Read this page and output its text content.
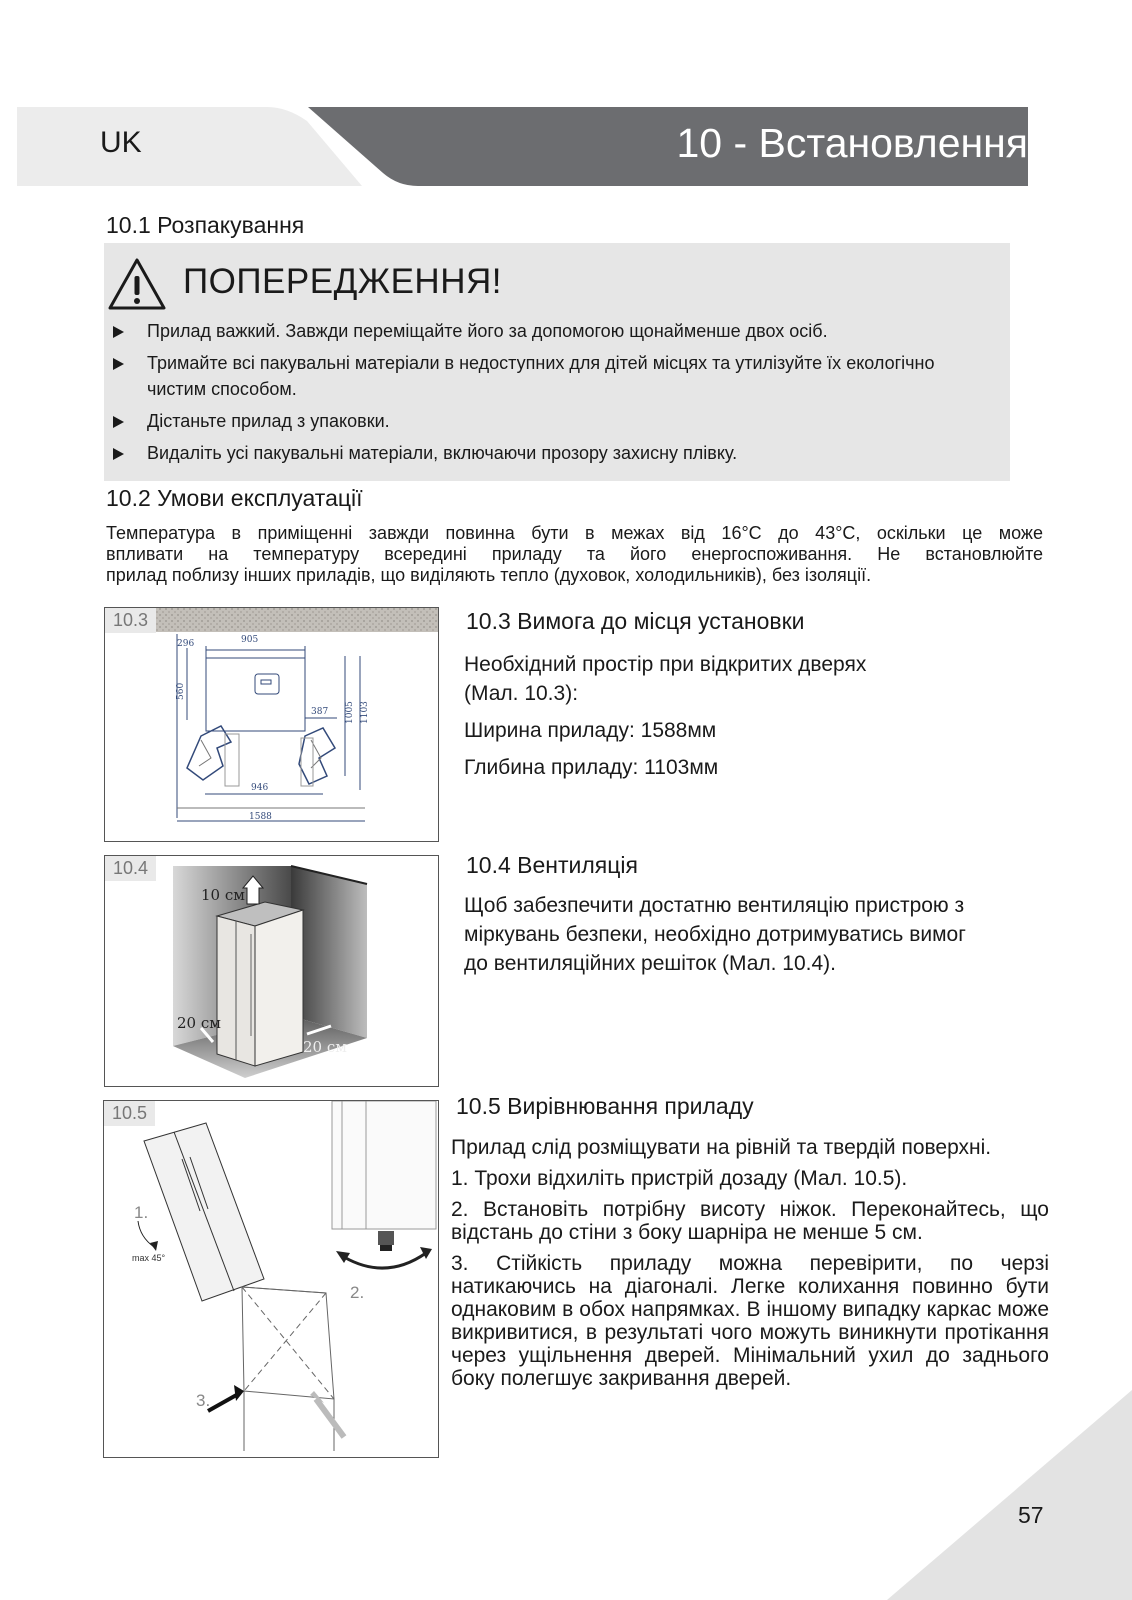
UK	10 - Встановлення
10.1 Розпакування
ПОПЕРЕДЖЕННЯ!
Прилад важкий. Завжди переміщайте його за допомогою щонайменше двох осіб.
Тримайте всі пакувальні матеріали в недоступних для дітей місцях та утилізуйте їх екологічно чистим способом.
Дістаньте прилад з упаковки.
Видаліть усі пакувальні матеріали, включаючи прозору захисну плівку.
10.2 Умови експлуатації
Температура в приміщенні завжди повинна бути в межах від 16°C до 43°C, оскільки це може
впливати на температуру всередині приладу та його енергоспоживання. Не встановлюйте
прилад поблизу інших приладів, що виділяють тепло (духовок, холодильників), без ізоляції.
296	905
560
387 1005 1103
946
1588
10.3	10.3 Вимога до місця установки
Необхідний простір при відкритих дверях
(Мал. 10.3):
Ширина приладу: 1588мм
Глибина приладу: 1103мм
10.4
10 см
20 см
20 см
10.4 Вентиляція
Щоб забезпечити достатню вентиляцію пристрою з
міркувань безпеки, необхідно дотримуватись вимог
до вентиляційних решіток (Мал. 10.4).
10.5
1.
max 45°
2.
3.
10.5 Вирівнювання приладу
Прилад слід розміщувати на рівній та твердій поверхні.
1. Трохи відхиліть пристрій дозаду (Мал. 10.5).
2. Встановіть потрібну висоту ніжок. Переконайтесь, що відстань до стіни з боку шарніра не менше 5 см.
3. Стійкість приладу можна перевірити, по черзі натикаючись на діагоналі. Легке колихання повинно бути однаковим в обох напрямках. В іншому випадку каркас може викривитися, в результаті чого можуть виникнути протікання через ущільнення дверей. Мінімальний ухил до заднього боку полегшує закривання дверей.
57
